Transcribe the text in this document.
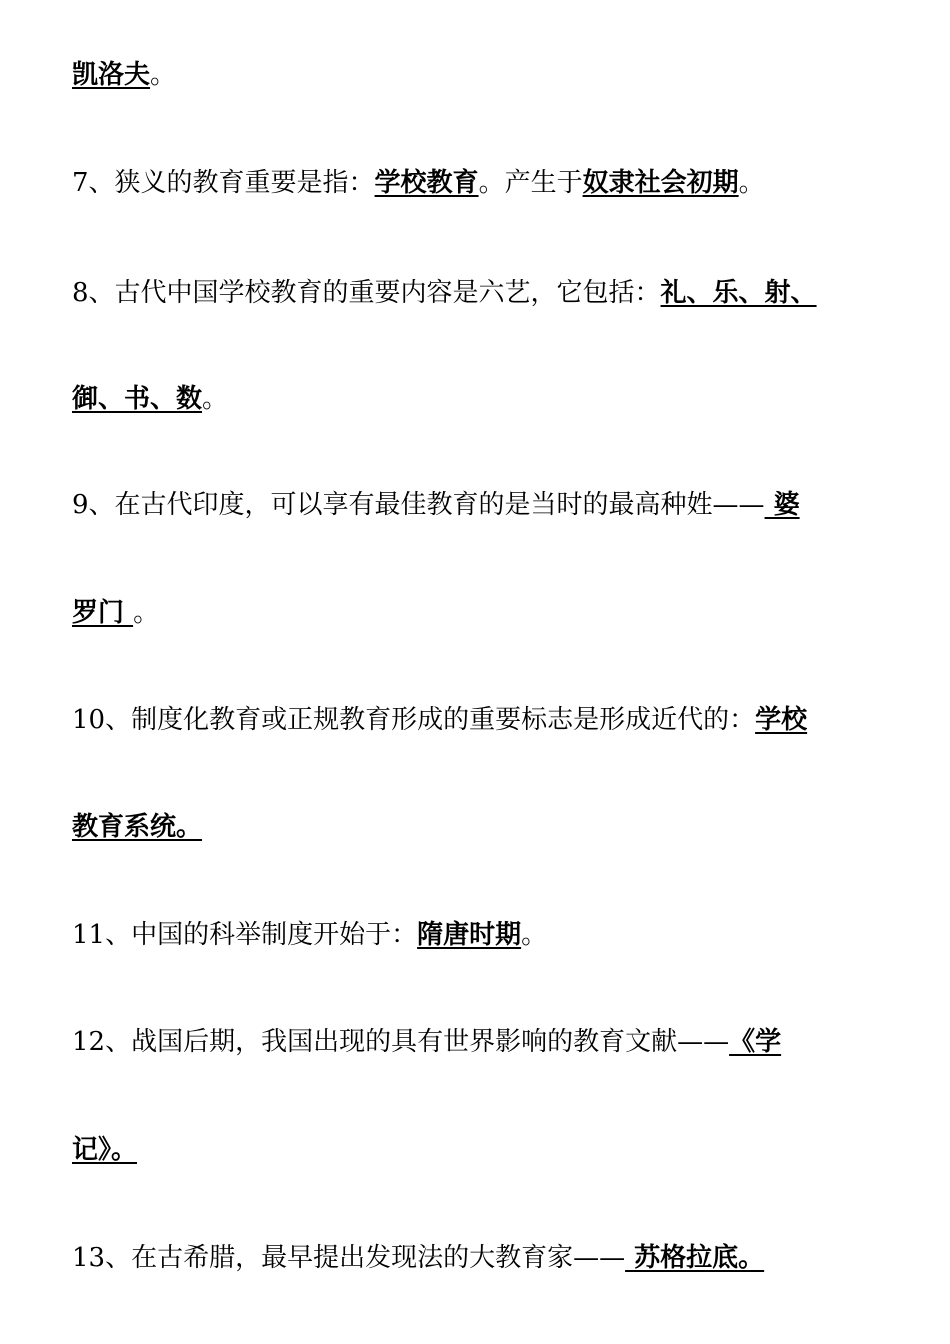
凯洛夫。
7、狭义的教育重要是指：学校教育。产生于奴隶社会初期。
8、古代中国学校教育的重要内容是六艺，它包括：礼、乐、射、
御、书、数。
9、在古代印度，可以享有最佳教育的是当时的最高种姓—— 婆
罗门 。
10、制度化教育或正规教育形成的重要标志是形成近代的：学校
教育系统。
11、中国的科举制度开始于：隋唐时期。
12、战国后期，我国出现的具有世界影响的教育文献——《学
记》。
13、在古希腊，最早提出发现法的大教育家—— 苏格拉底。
